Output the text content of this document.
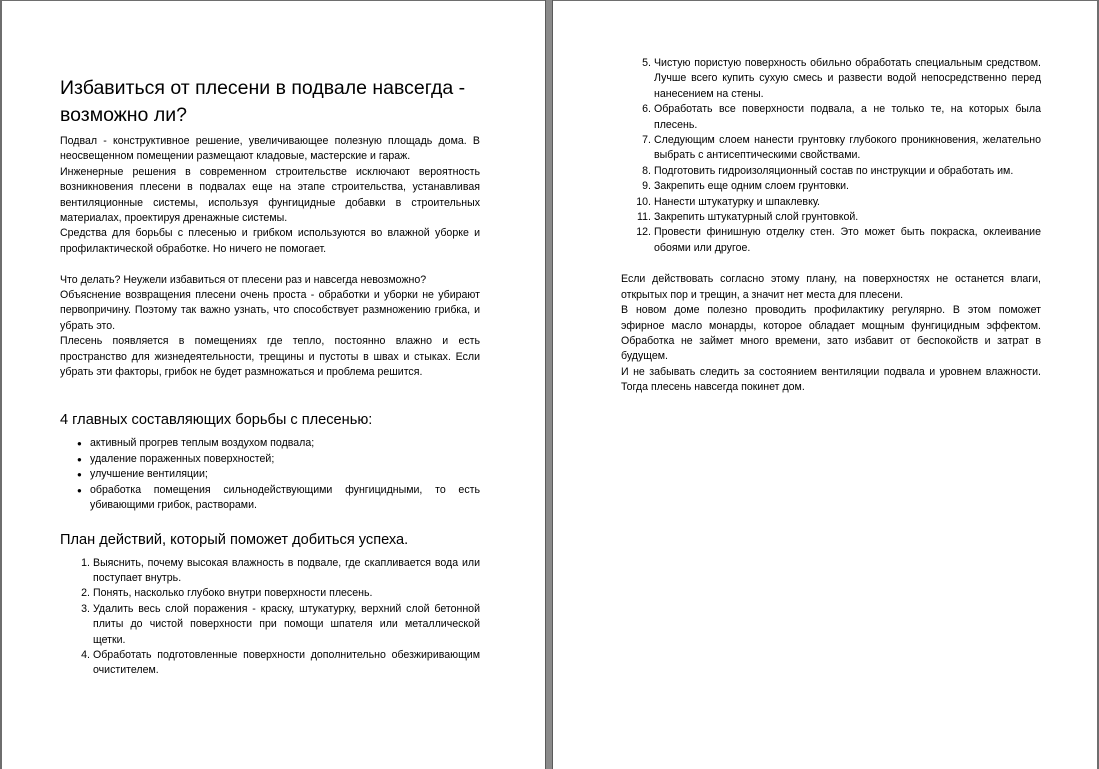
Избавиться от плесени в подвале навсегда - возможно ли?

Подвал - конструктивное решение, увеличивающее полезную площадь дома. В неосвещенном помещении размещают кладовые, мастерские и гараж.

Инженерные решения в современном строительстве исключают вероятность возникновения плесени в подвалах еще на этапе строительства, устанавливая вентиляционные системы, используя фунгицидные добавки в строительных материалах, проектируя дренажные системы.

Средства для борьбы с плесенью и грибком используются во влажной уборке и профилактической обработке. Но ничего не помогает.

Что делать? Неужели избавиться от плесени раз и навсегда невозможно?

Объяснение возвращения плесени очень проста - обработки и уборки не убирают первопричину. Поэтому так важно узнать, что способствует размножению грибка, и убрать это.

Плесень появляется в помещениях где тепло, постоянно влажно и есть пространство для жизнедеятельности, трещины и пустоты в швах и стыках. Если убрать эти факторы, грибок не будет размножаться и проблема решится.

4 главных составляющих борьбы с плесенью:
● активный прогрев теплым воздухом подвала;
● удаление пораженных поверхностей;
● улучшение вентиляции;
● обработка помещения сильнодействующими фунгицидными, то есть убивающими грибок, растворами.
План действий, который поможет добиться успеха.
1. Выяснить, почему высокая влажность в подвале, где скапливается вода или поступает внутрь.
2. Понять, насколько глубоко внутри поверхности плесень.
3. Удалить весь слой поражения - краску, штукатурку, верхний слой бетонной плиты до чистой поверхности при помощи шпателя или металлической щетки.
4. Обработать подготовленные поверхности дополнительно обезжиривающим очистителем.
5. Чистую пористую поверхность обильно обработать специальным средством. Лучше всего купить сухую смесь и развести водой непосредственно перед нанесением на стены.
6. Обработать все поверхности подвала, а не только те, на которых была плесень.
7. Следующим слоем нанести грунтовку глубокого проникновения, желательно выбрать с антисептическими свойствами.
8. Подготовить гидроизоляционный состав по инструкции и обработать им.
9. Закрепить еще одним слоем грунтовки.
10. Нанести штукатурку и шпаклевку.
11. Закрепить штукатурный слой грунтовкой.
12. Провести финишную отделку стен. Это может быть покраска, оклеивание обоями или другое.

Если действовать согласно этому плану, на поверхностях не останется влаги, открытых пор и трещин, а значит нет места для плесени.

В новом доме полезно проводить профилактику регулярно. В этом поможет эфирное масло монарды, которое обладает мощным фунгицидным эффектом. Обработка не займет много времени, зато избавит от беспокойств и затрат в будущем.

И не забывать следить за состоянием вентиляции подвала и уровнем влажности. Тогда плесень навсегда покинет дом.
